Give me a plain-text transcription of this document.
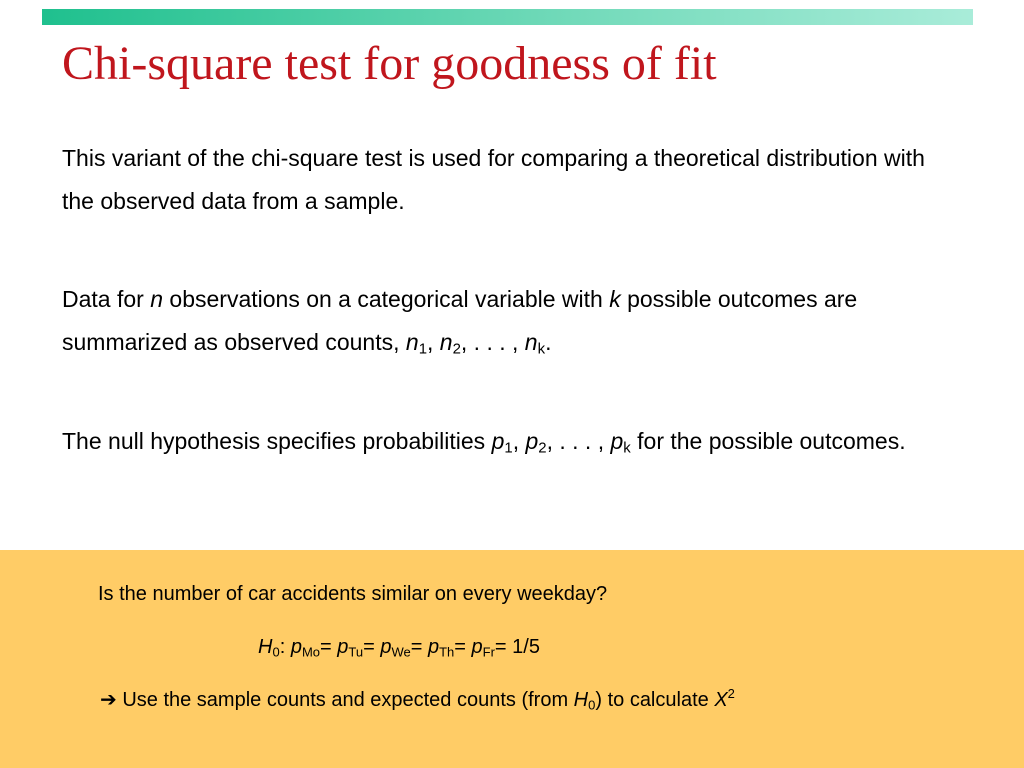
Chi-square test for goodness of fit

This variant of the chi-square test is used for comparing a theoretical distribution with the observed data from a sample.

Data for n observations on a categorical variable with k possible outcomes are summarized as observed counts, $n_1$, $n_2$, . . . , $n_k$.

The null hypothesis specifies probabilities $p_1$, $p_2$, . . . , $p_k$ for the possible outcomes.

Is the number of car accidents similar on every weekday?

$H_0$: $p_{Mo}= p_{Tu}= p_{We}= p_{Th}= p_{Fr}= 1/5$

➔ Use the sample counts and expected counts (from $H_0$) to calculate $X^2$
